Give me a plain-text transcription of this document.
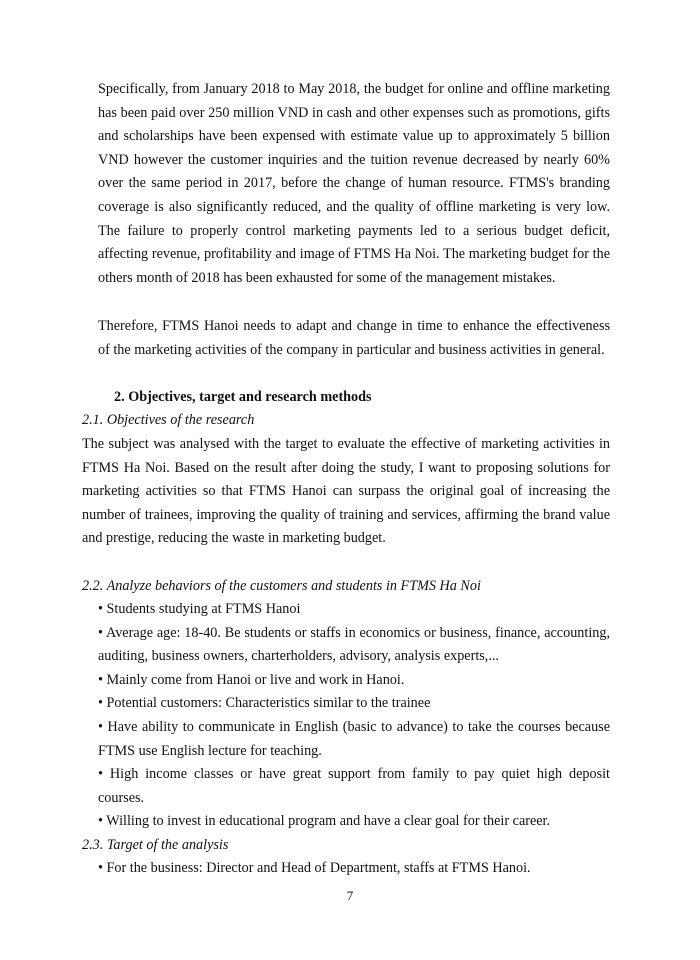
Specifically, from January 2018 to May 2018, the budget for online and offline marketing has been paid over 250 million VND in cash and other expenses such as promotions, gifts and scholarships have been expensed with estimate value up to approximately 5 billion VND however the customer inquiries and the tuition revenue decreased by nearly 60% over the same period in 2017, before the change of human resource. FTMS's branding coverage is also significantly reduced, and the quality of offline marketing is very low. The failure to properly control marketing payments led to a serious budget deficit, affecting revenue, profitability and image of FTMS Ha Noi. The marketing budget for the others month of 2018 has been exhausted for some of the management mistakes.
Therefore, FTMS Hanoi needs to adapt and change in time to enhance the effectiveness of the marketing activities of the company in particular and business activities in general.
2. Objectives, target and research methods
2.1. Objectives of the research
The subject was analysed with the target to evaluate the effective of marketing activities in FTMS Ha Noi. Based on the result after doing the study, I want to proposing solutions for marketing activities so that FTMS Hanoi can surpass the original goal of increasing the number of trainees, improving the quality of training and services, affirming the brand value and prestige, reducing the waste in marketing budget.
2.2. Analyze behaviors of the customers and students in FTMS Ha Noi
• Students studying at FTMS Hanoi
• Average age: 18-40. Be students or staffs in economics or business, finance, accounting, auditing, business owners, charterholders, advisory, analysis experts,...
• Mainly come from Hanoi or live and work in Hanoi.
• Potential customers: Characteristics similar to the trainee
• Have ability to communicate in English (basic to advance) to take the courses because FTMS use English lecture for teaching.
• High income classes or have great support from family to pay quiet high deposit courses.
• Willing to invest in educational program and have a clear goal for their career.
2.3. Target of the analysis
• For the business: Director and Head of Department, staffs at FTMS Hanoi.
7
